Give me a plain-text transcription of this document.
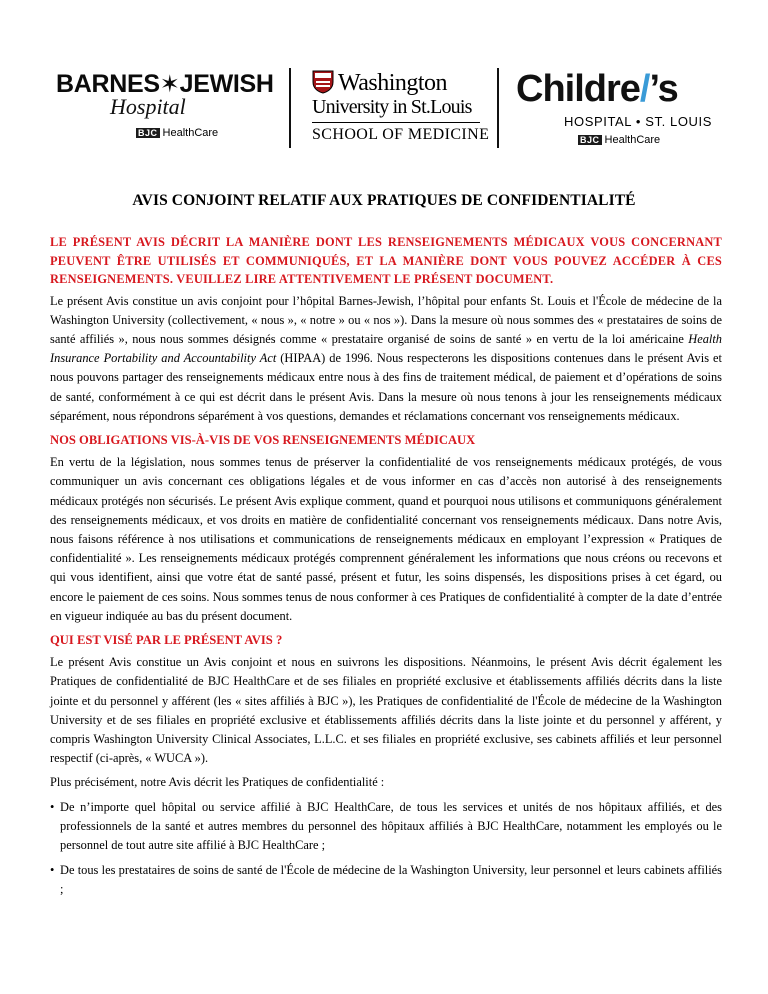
BARNES✶JEWISH
Hospital
BJC HealthCare
Washington
University in St.Louis
SCHOOL OF MEDICINE
Childre/’s
HOSPITAL • ST. LOUIS
BJC HealthCare
AVIS CONJOINT RELATIF AUX PRATIQUES DE CONFIDENTIALITÉ

LE PRÉSENT AVIS DÉCRIT LA MANIÈRE DONT LES RENSEIGNEMENTS MÉDICAUX VOUS CONCERNANT PEUVENT ÊTRE UTILISÉS ET COMMUNIQUÉS, ET LA MANIÈRE DONT VOUS POUVEZ ACCÉDER À CES RENSEIGNEMENTS. VEUILLEZ LIRE ATTENTIVEMENT LE PRÉSENT DOCUMENT.

Le présent Avis constitue un avis conjoint pour l’hôpital Barnes-Jewish, l’hôpital pour enfants St. Louis et l'École de médecine de la Washington University (collectivement, « nous », « notre » ou « nos »). Dans la mesure où nous sommes des « prestataires de soins de santé affiliés », nous nous sommes désignés comme « prestataire organisé de soins de santé » en vertu de la loi américaine Health Insurance Portability and Accountability Act (HIPAA) de 1996. Nous respecterons les dispositions contenues dans le présent Avis et nous pouvons partager des renseignements médicaux entre nous à des fins de traitement médical, de paiement et d’opérations de soins de santé, conformément à ce qui est décrit dans le présent Avis. Dans la mesure où nous tenons à jour les renseignements médicaux séparément, nous répondrons séparément à vos questions, demandes et réclamations concernant vos renseignements médicaux.

NOS OBLIGATIONS VIS-À-VIS DE VOS RENSEIGNEMENTS MÉDICAUX

En vertu de la législation, nous sommes tenus de préserver la confidentialité de vos renseignements médicaux protégés, de vous communiquer un avis concernant ces obligations légales et de vous informer en cas d’accès non autorisé à des renseignements médicaux protégés non sécurisés. Le présent Avis explique comment, quand et pourquoi nous utilisons et communiquons généralement des renseignements médicaux, et vos droits en matière de confidentialité concernant vos renseignements médicaux. Dans notre Avis, nous faisons référence à nos utilisations et communications de renseignements médicaux en employant l’expression « Pratiques de confidentialité ». Les renseignements médicaux protégés comprennent généralement les informations que nous créons ou recevons et qui vous identifient, ainsi que votre état de santé passé, présent et futur, les soins dispensés, les dispositions prises à cet égard, ou encore le paiement de ces soins. Nous sommes tenus de nous conformer à ces Pratiques de confidentialité à compter de la date d’entrée en vigueur indiquée au bas du présent document.

QUI EST VISÉ PAR LE PRÉSENT AVIS ?

Le présent Avis constitue un Avis conjoint et nous en suivrons les dispositions. Néanmoins, le présent Avis décrit également les Pratiques de confidentialité de BJC HealthCare et de ses filiales en propriété exclusive et établissements affiliés décrits dans la liste jointe et du personnel y afférent (les « sites affiliés à BJC »), les Pratiques de confidentialité de l'École de médecine de la Washington University et de ses filiales en propriété exclusive et établissements affiliés décrits dans la liste jointe et du personnel y afférent, y compris Washington University Clinical Associates, L.L.C. et ses filiales en propriété exclusive, ses cabinets affiliés et leur personnel respectif (ci-après, « WUCA »).

Plus précisément, notre Avis décrit les Pratiques de confidentialité :

• De n’importe quel hôpital ou service affilié à BJC HealthCare, de tous les services et unités de nos hôpitaux affiliés, et des professionnels de la santé et autres membres du personnel des hôpitaux affiliés à BJC HealthCare, notamment les employés ou le personnel de tout autre site affilié à BJC HealthCare ;
• De tous les prestataires de soins de santé de l'École de médecine de la Washington University, leur personnel et leurs cabinets affiliés ;
